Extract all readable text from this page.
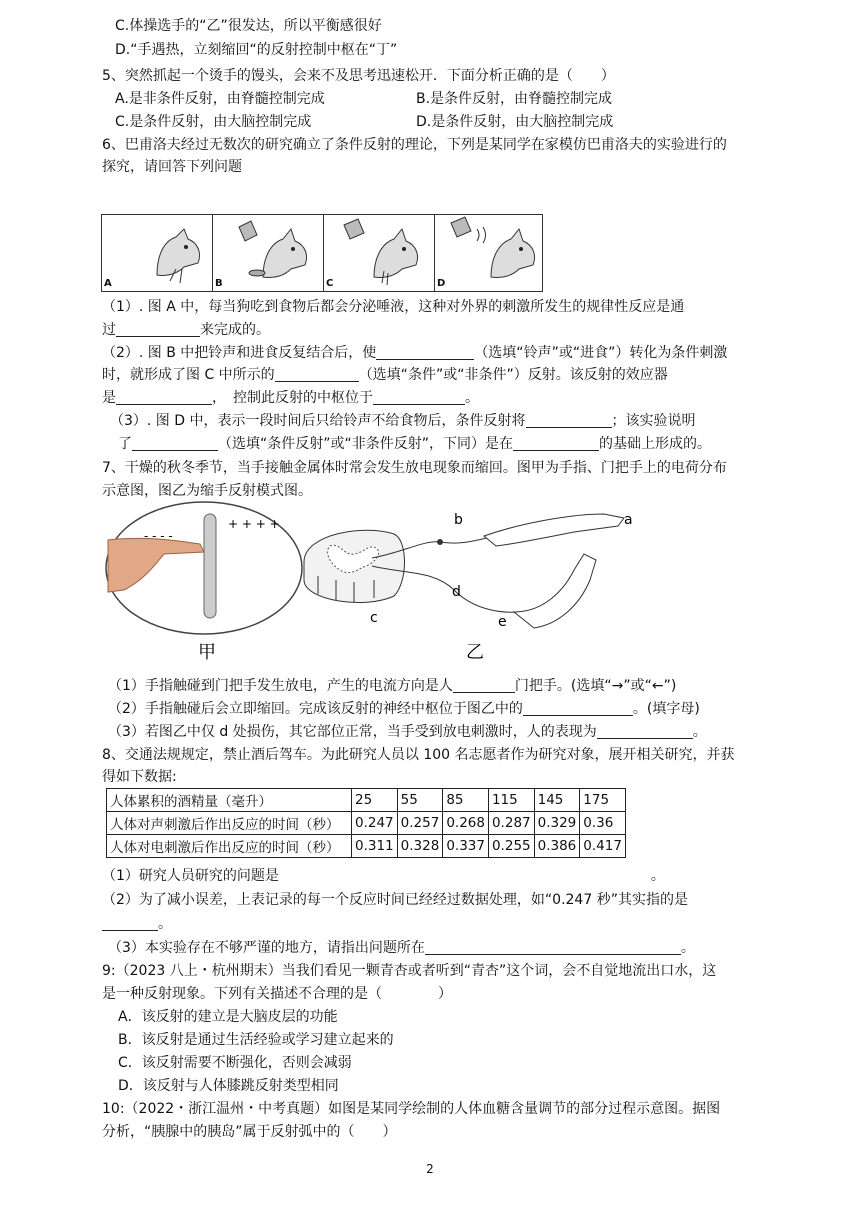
C.体操选手的“乙”很发达，所以平衡感很好
D.“手遇热，立刻缩回“的反射控制中枢在“丁”
5、突然抓起一个烫手的馒头，会来不及思考迅速松开．下面分析正确的是（　　）
A.是非条件反射，由脊髓控制完成	B.是条件反射，由脊髓控制完成
C.是条件反射，由大脑控制完成	D.是条件反射，由大脑控制完成
6、巴甫洛夫经过无数次的研究确立了条件反射的理论，下列是某同学在家模仿巴甫洛夫的实验进行的
探究，请回答下列问题
A	B	C	D
（1）. 图 A 中，每当狗吃到食物后都会分泌唾液，这种对外界的刺激所发生的规律性反应是通
过	来完成的。
（2）. 图 B 中把铃声和进食反复结合后，使	（选填“铃声”或“进食”）转化为条件刺激
时，就形成了图 C 中所示的	（选填“条件”或“非条件”）反射。该反射的效应器
是	，　控制此反射的中枢位于	。
（3）. 图 D 中，表示一段时间后只给铃声不给食物后，条件反射将	；该实验说明
了	（选填“条件反射”或“非条件反射”，下同）是在	的基础上形成的。
7、干燥的秋冬季节，当手接触金属体时常会发生放电现象而缩回。图甲为手指、门把手上的电荷分布
示意图，图乙为缩手反射模式图。
- - - -
+ + + +
甲
b	a
d
c	e
乙
（1）手指触碰到门把手发生放电，产生的电流方向是人	门把手。(选填“→”或“←”)
（2）手指触碰后会立即缩回。完成该反射的神经中枢位于图乙中的	。(填字母)
（3）若图乙中仅 d 处损伤，其它部位正常，当手受到放电刺激时，人的表现为	。
8、交通法规规定，禁止酒后驾车。为此研究人员以 100 名志愿者作为研究对象，展开相关研究，并获
得如下数据:
人体累积的酒精量（毫升）	25	55	85	115	145	175
人体对声刺激后作出反应的时间（秒）	0.247	0.257	0.268	0.287	0.329	0.36
人体对电刺激后作出反应的时间（秒）	0.311	0.328	0.337	0.255	0.386	0.417
（1）研究人员研究的问题是	。
（2）为了减小误差，上表记录的每一个反应时间已经经过数据处理，如“0.247 秒”其实指的是
。
（3）本实验存在不够严谨的地方，请指出问题所在	。
9:（2023 八上・杭州期末）当我们看见一颗青杏或者听到“青杏”这个词，会不自觉地流出口水，这
是一种反射现象。下列有关描述不合理的是（　　　　）
A．该反射的建立是大脑皮层的功能
B．该反射是通过生活经验或学习建立起来的
C．该反射需要不断强化，否则会减弱
D．该反射与人体膝跳反射类型相同
10:（2022・浙江温州・中考真题）如图是某同学绘制的人体血糖含量调节的部分过程示意图。据图
分析，“胰腺中的胰岛”属于反射弧中的（　　）
2
